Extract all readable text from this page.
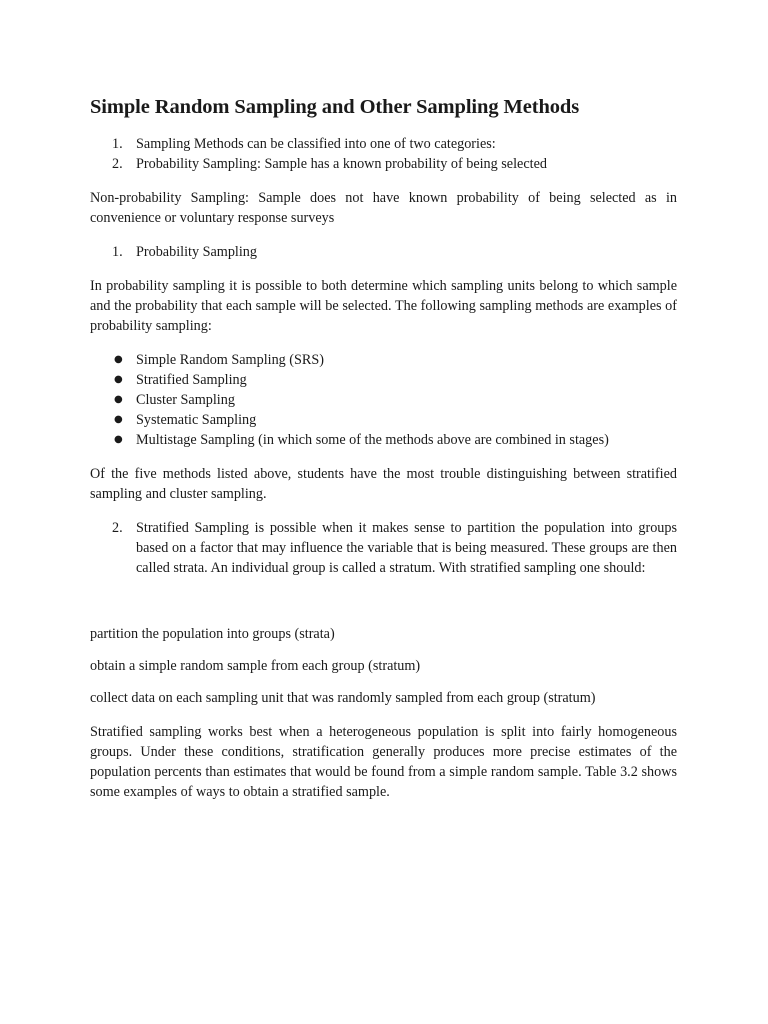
Simple Random Sampling and Other Sampling Methods
1. Sampling Methods can be classified into one of two categories:
2. Probability Sampling: Sample has a known probability of being selected

Non-probability Sampling: Sample does not have known probability of being selected as in convenience or voluntary response surveys

1. Probability Sampling

In probability sampling it is possible to both determine which sampling units belong to which sample and the probability that each sample will be selected. The following sampling methods are examples of probability sampling:

● Simple Random Sampling (SRS)
● Stratified Sampling
● Cluster Sampling
● Systematic Sampling
● Multistage Sampling (in which some of the methods above are combined in stages)

Of the five methods listed above, students have the most trouble distinguishing between stratified sampling and cluster sampling.

2. Stratified Sampling is possible when it makes sense to partition the population into groups based on a factor that may influence the variable that is being measured. These groups are then called strata. An individual group is called a stratum. With stratified sampling one should:

partition the population into groups (strata)

obtain a simple random sample from each group (stratum)

collect data on each sampling unit that was randomly sampled from each group (stratum)

Stratified sampling works best when a heterogeneous population is split into fairly homogeneous groups. Under these conditions, stratification generally produces more precise estimates of the population percents than estimates that would be found from a simple random sample. Table 3.2 shows some examples of ways to obtain a stratified sample.
